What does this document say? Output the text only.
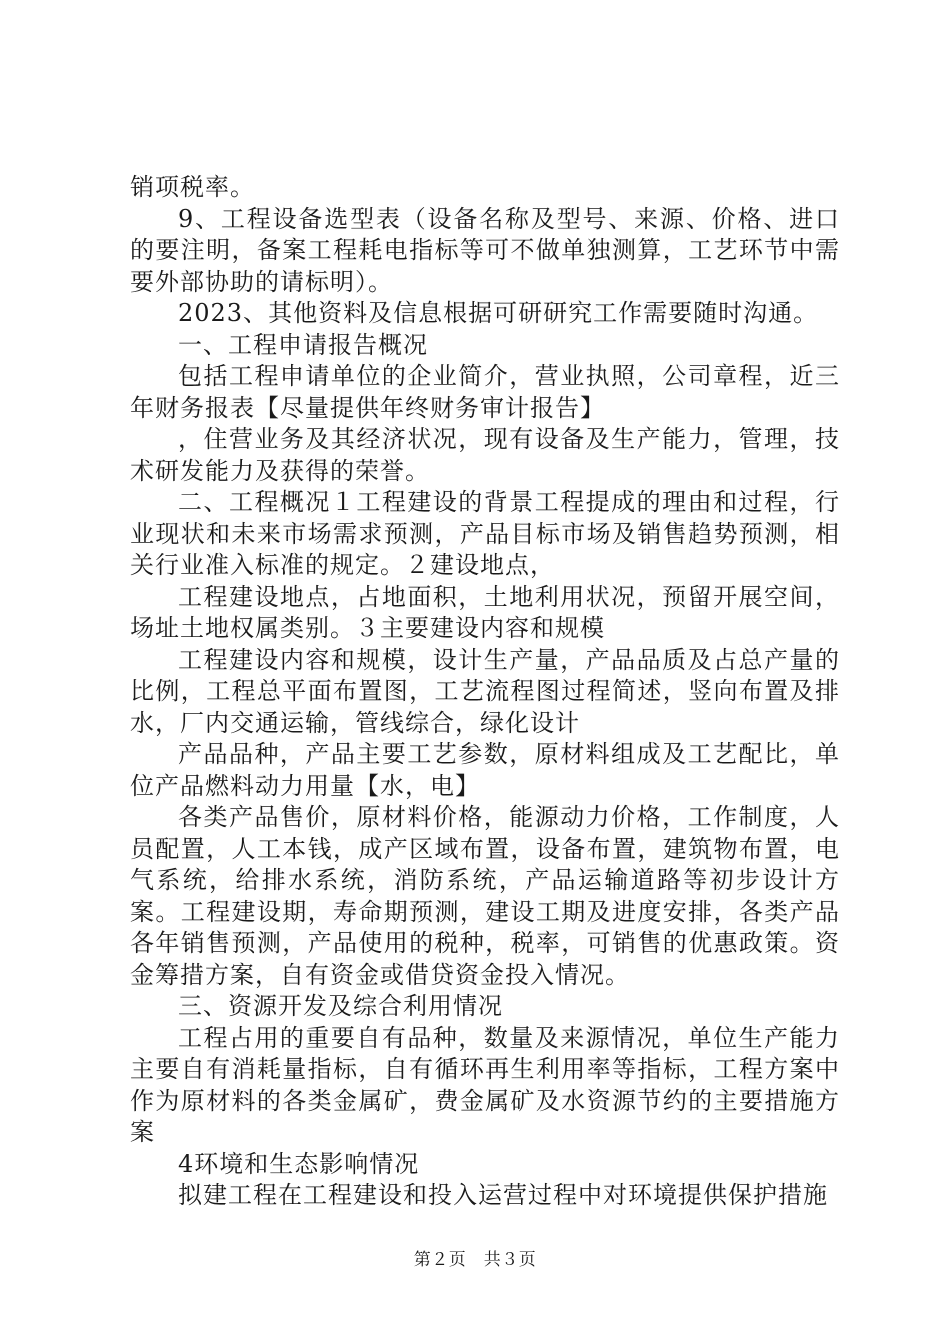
销项税率。

9、工程设备选型表（设备名称及型号、来源、价格、进口的要注明，备案工程耗电指标等可不做单独测算，工艺环节中需要外部协助的请标明）。

2023、其他资料及信息根据可研研究工作需要随时沟通。

一、工程申请报告概况

包括工程申请单位的企业简介，营业执照，公司章程，近三年财务报表【尽量提供年终财务审计报告】

，住营业务及其经济状况，现有设备及生产能力，管理，技术研发能力及获得的荣誉。

二、工程概况１工程建设的背景工程提成的理由和过程，行业现状和未来市场需求预测，产品目标市场及销售趋势预测，相关行业准入标准的规定。２建设地点，

工程建设地点，占地面积，土地利用状况，预留开展空间，场址土地权属类别。３主要建设内容和规模

工程建设内容和规模，设计生产量，产品品质及占总产量的比例，工程总平面布置图，工艺流程图过程简述，竖向布置及排水，厂内交通运输，管线综合，绿化设计

产品品种，产品主要工艺参数，原材料组成及工艺配比，单位产品燃料动力用量【水，电】

各类产品售价，原材料价格，能源动力价格，工作制度，人员配置，人工本钱，成产区域布置，设备布置，建筑物布置，电气系统，给排水系统，消防系统，产品运输道路等初步设计方案。工程建设期，寿命期预测，建设工期及进度安排，各类产品各年销售预测，产品使用的税种，税率，可销售的优惠政策。资金筹措方案，自有资金或借贷资金投入情况。

三、资源开发及综合利用情况

工程占用的重要自有品种，数量及来源情况，单位生产能力主要自有消耗量指标，自有循环再生利用率等指标，工程方案中作为原材料的各类金属矿，费金属矿及水资源节约的主要措施方案

4环境和生态影响情况

拟建工程在工程建设和投入运营过程中对环境提供保护措施

第２页　共３页
